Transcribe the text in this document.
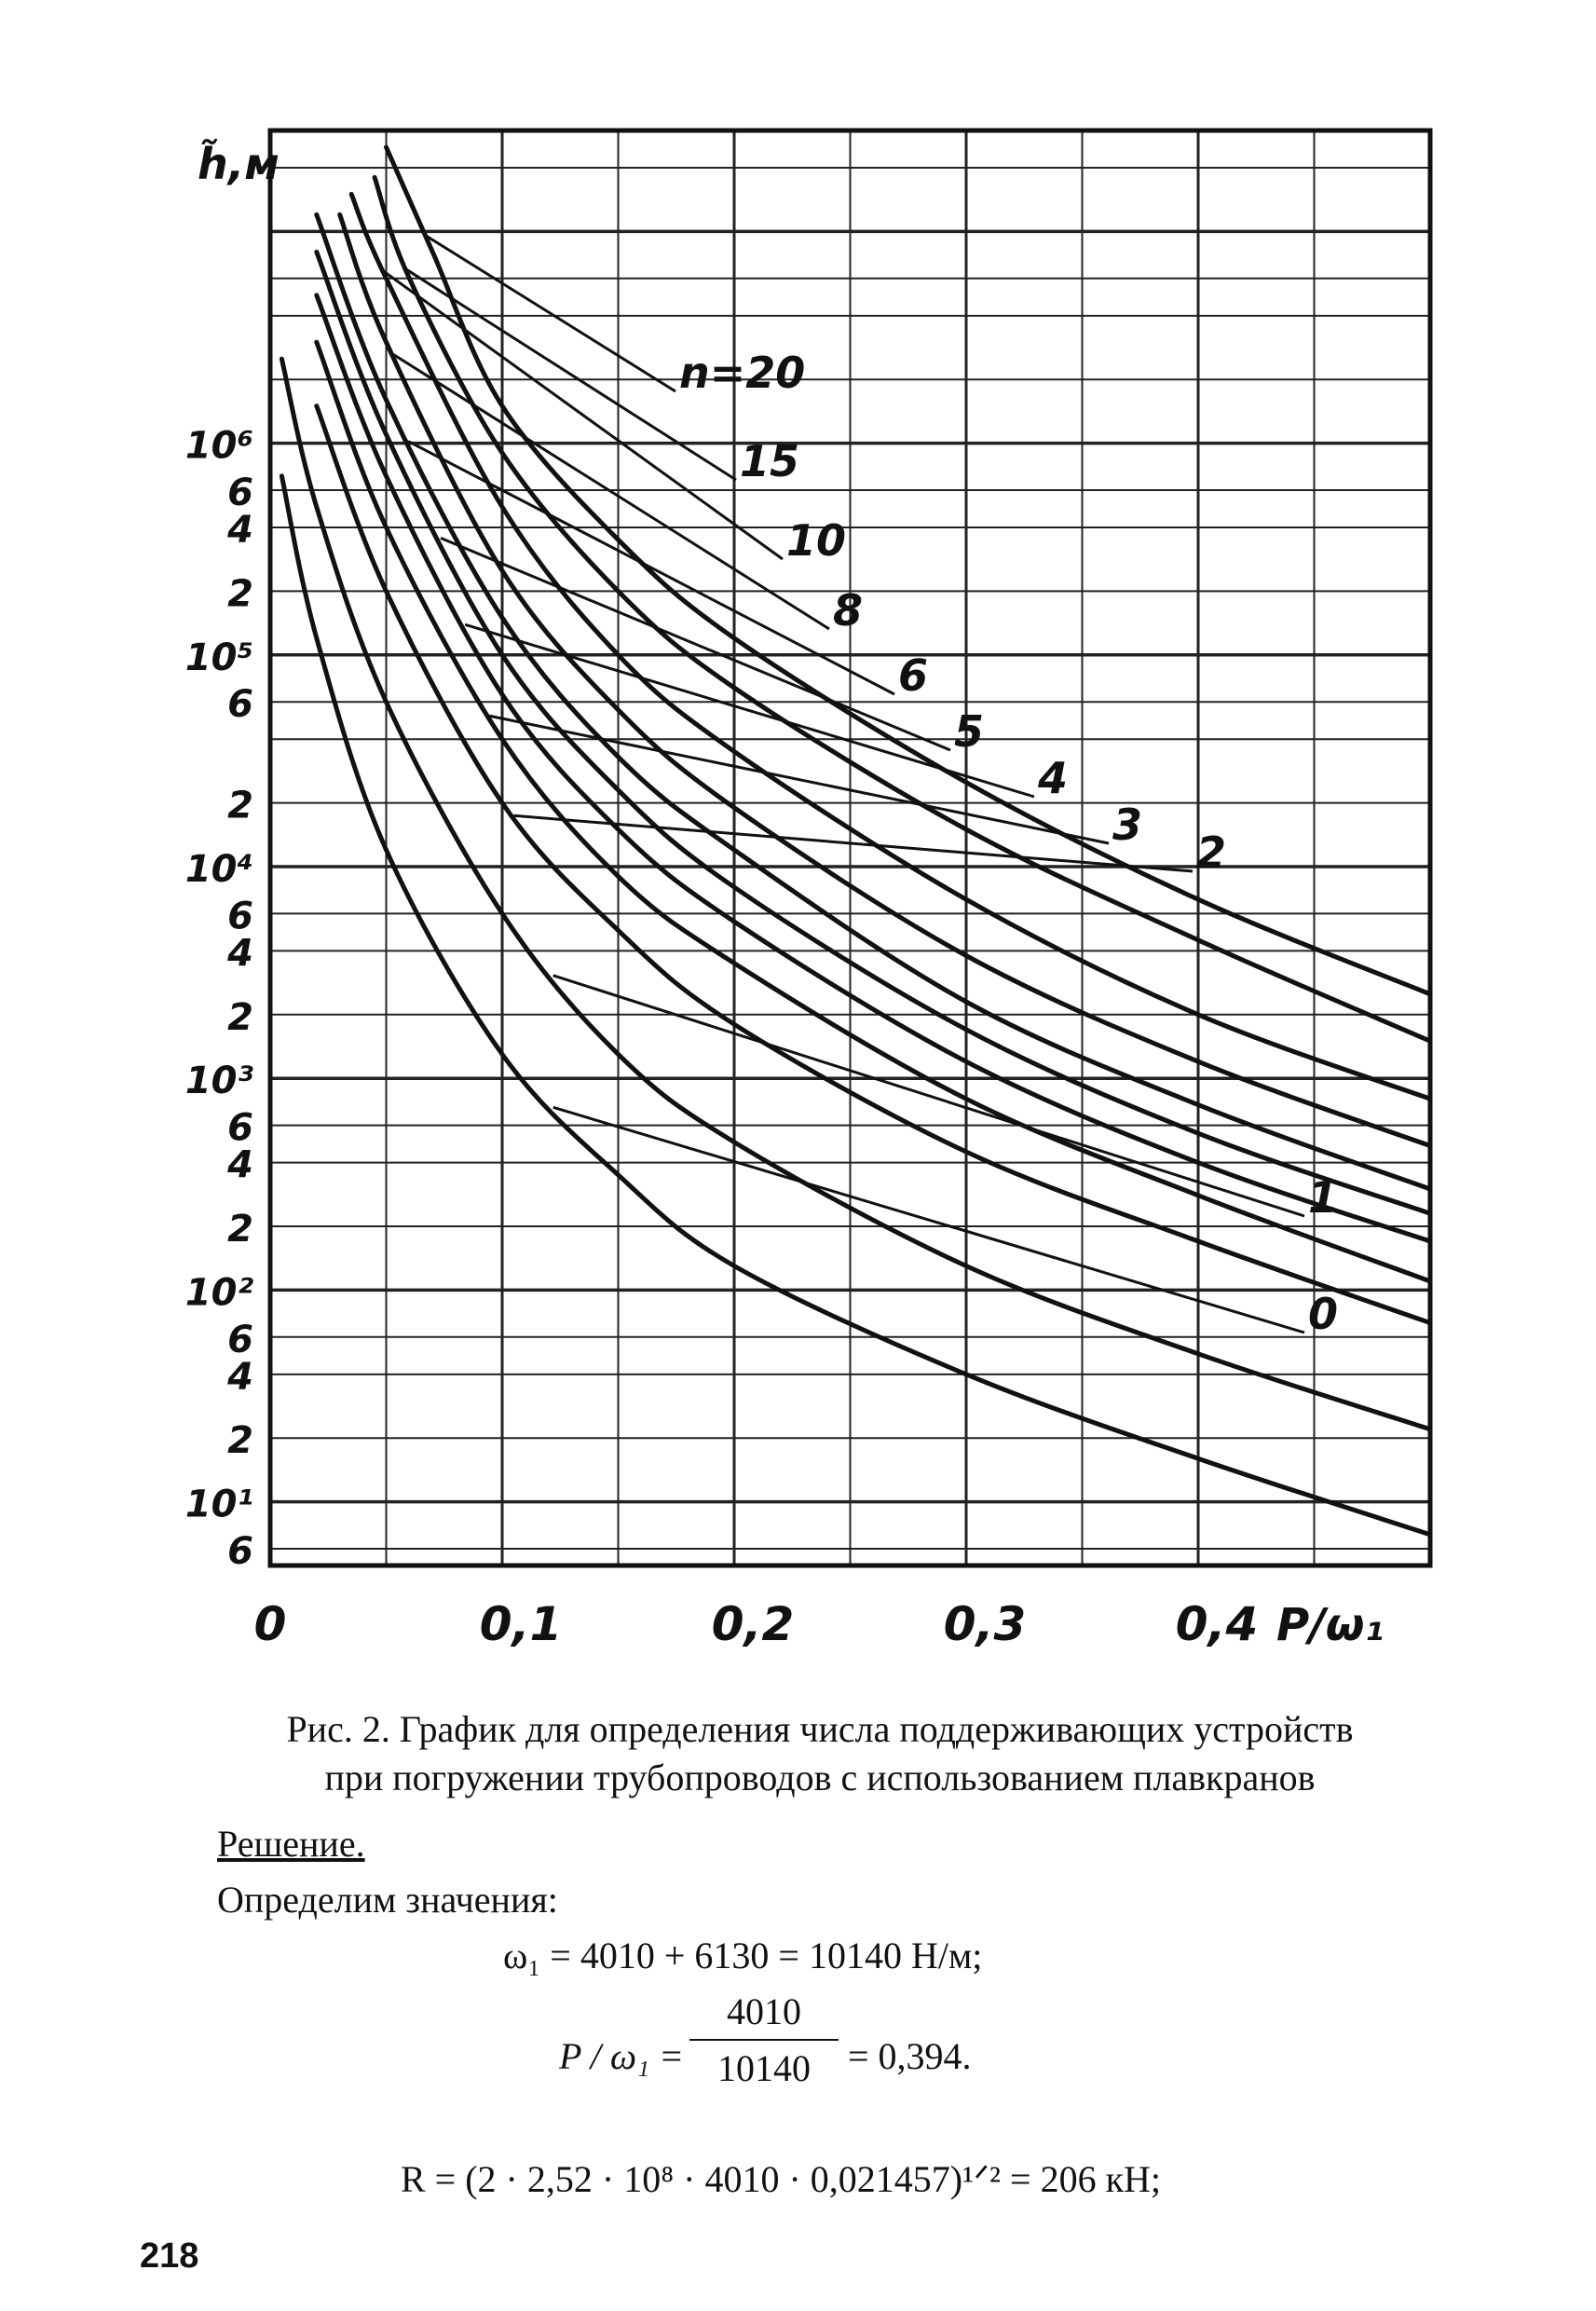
10⁶
6
4
2
10⁵
6
2
10⁴
6
4
2
10³
6
4
2
10²
6
4
2
10¹
6
0	0,1	0,2	0,3	0,4
n=20
15
10
8
6
5
4
3
2
1
0
h̃,м
P/ω₁
Рис. 2. График для определения числа поддерживающих устройств
при погружении трубопроводов с использованием плавкранов
Решение.
Определим значения:
ω₁ = 4010 + 6130 = 10140 Н/м;
$P / \omega_1 = \frac{4010}{10140} = 0,394$.
R = (2 · 2,52 · 10⁸ · 4010 · 0,021457)¹ᐟ² = 206 кН;
218
